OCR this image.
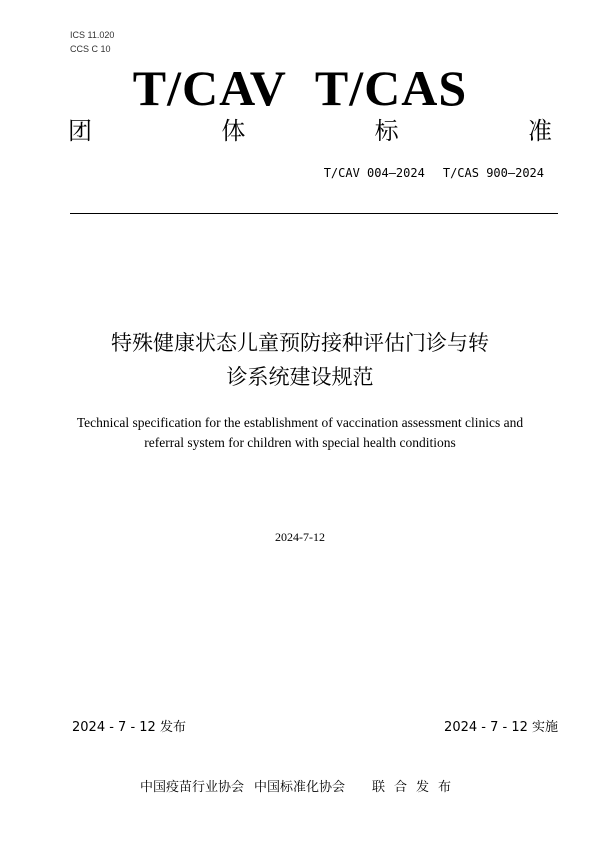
ICS 11.020
CCS C 10
T/CAV T/CAS
团	体	标	准
T/CAV 004—2024 T/CAS 900—2024
特殊健康状态儿童预防接种评估门诊与转
诊系统建设规范
Technical specification for the establishment of vaccination assessment clinics and
referral system for children with special health conditions
2024-7-12
2024 - 7 - 12 发布	2024 - 7 - 12 实施
中国疫苗行业协会 中国标准化协会 联合发布
